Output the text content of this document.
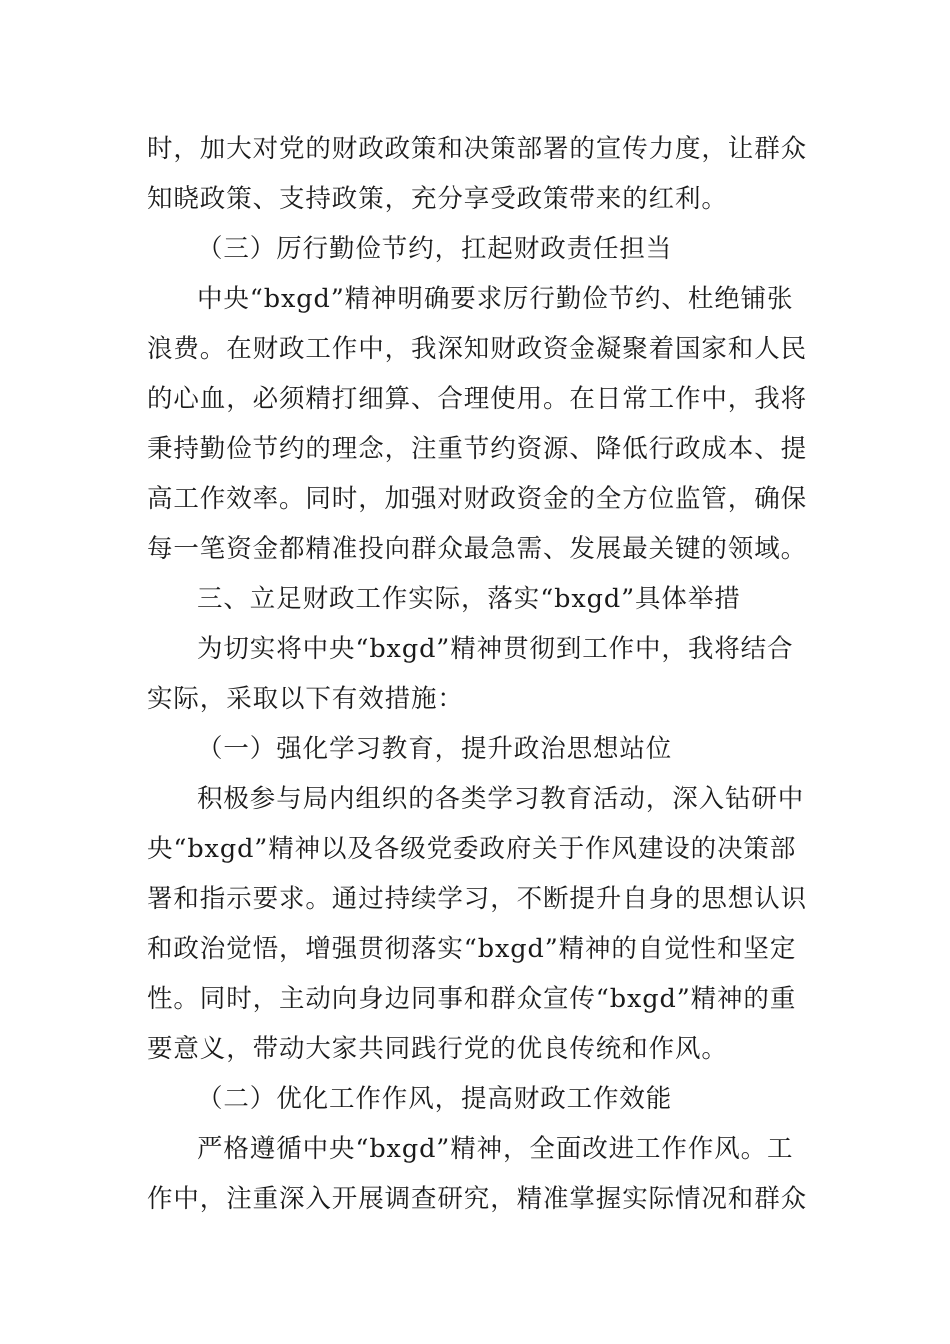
时，加大对党的财政政策和决策部署的宣传力度，让群众
知晓政策、支持政策，充分享受政策带来的红利。
（三）厉行勤俭节约，扛起财政责任担当
中央“bxgd”精神明确要求厉行勤俭节约、杜绝铺张
浪费。在财政工作中，我深知财政资金凝聚着国家和人民
的心血，必须精打细算、合理使用。在日常工作中，我将
秉持勤俭节约的理念，注重节约资源、降低行政成本、提
高工作效率。同时，加强对财政资金的全方位监管，确保
每一笔资金都精准投向群众最急需、发展最关键的领域。
三、立足财政工作实际，落实“bxgd”具体举措
为切实将中央“bxgd”精神贯彻到工作中，我将结合
实际，采取以下有效措施：
（一）强化学习教育，提升政治思想站位
积极参与局内组织的各类学习教育活动，深入钻研中
央“bxgd”精神以及各级党委政府关于作风建设的决策部
署和指示要求。通过持续学习，不断提升自身的思想认识
和政治觉悟，增强贯彻落实“bxgd”精神的自觉性和坚定
性。同时，主动向身边同事和群众宣传“bxgd”精神的重
要意义，带动大家共同践行党的优良传统和作风。
（二）优化工作作风，提高财政工作效能
严格遵循中央“bxgd”精神，全面改进工作作风。工
作中，注重深入开展调查研究，精准掌握实际情况和群众
